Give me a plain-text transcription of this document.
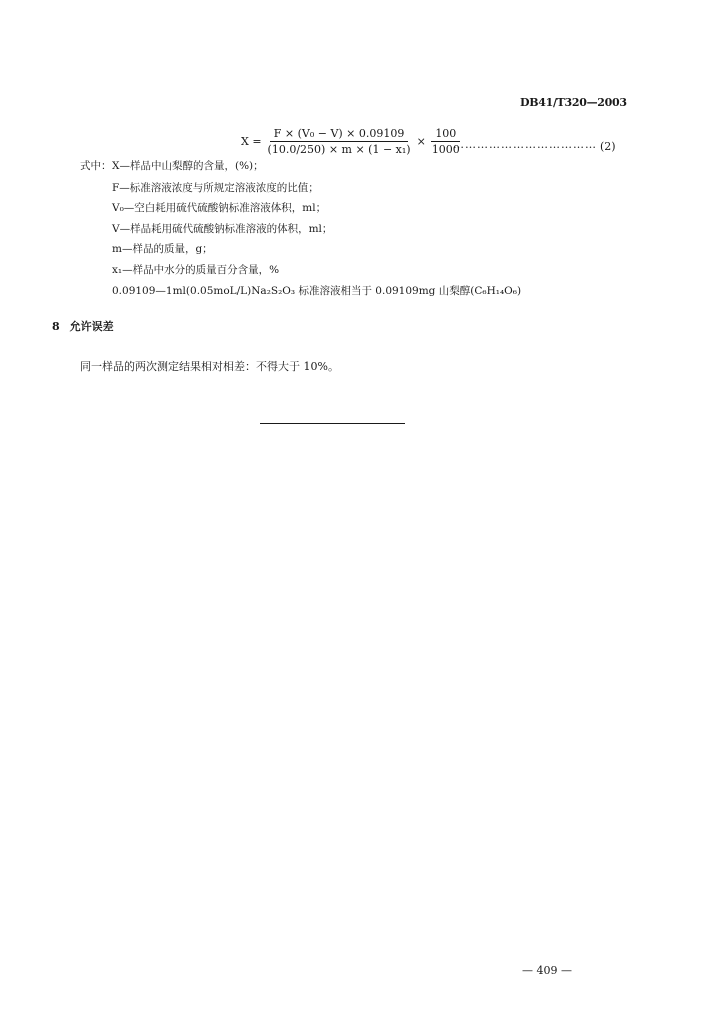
DB41/T320—2003
$X = \frac{\text{F × (V₀ − V) × 0.09109}}{\text{(10.0/250) × m × (1 − x₁)}} \times \frac{100}{1000}$
……………………………… (2)
式中： X—样品中山梨醇的含量，(%)；
F—标准溶液浓度与所规定溶液浓度的比值；
V₀—空白耗用硫代硫酸钠标准溶液体积，ml；
V—样品耗用硫代硫酸钠标准溶液的体积，ml；
m—样品的质量，g；
x₁—样品中水分的质量百分含量，%
0.09109—1ml(0.05moL/L)Na₂S₂O₃ 标准溶液相当于 0.09109mg 山梨醇(C₆H₁₄O₆)
8 允许误差
同一样品的两次测定结果相对相差：不得大于 10%。
— 409 —
